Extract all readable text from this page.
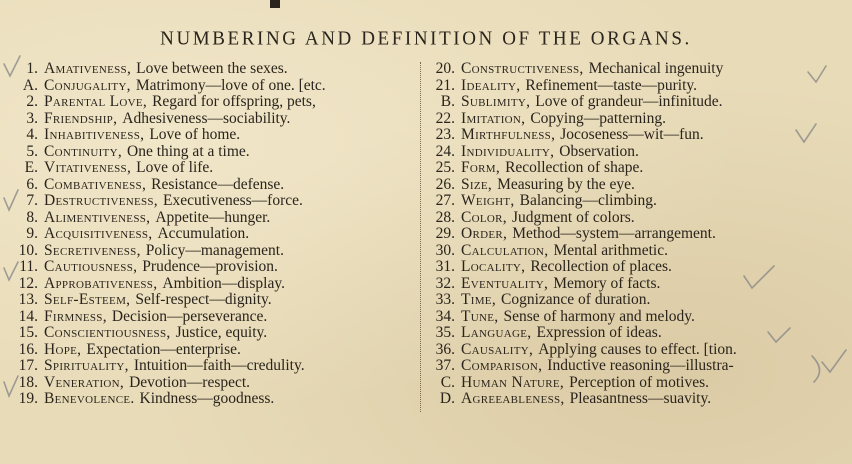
NUMBERING AND DEFINITION OF THE ORGANS.
1. Amativeness, Love between the sexes.
A. Conjugality, Matrimony—love of one. [etc.
2. Parental Love, Regard for offspring, pets,
3. Friendship, Adhesiveness—sociability.
4. Inhabitiveness, Love of home.
5. Continuity, One thing at a time.
E. Vitativeness, Love of life.
6. Combativeness, Resistance—defense.
7. Destructiveness, Executiveness—force.
8. Alimentiveness, Appetite—hunger.
9. Acquisitiveness, Accumulation.
10. Secretiveness, Policy—management.
11. Cautiousness, Prudence—provision.
12. Approbativeness, Ambition—display.
13. Self-Esteem, Self-respect—dignity.
14. Firmness, Decision—perseverance.
15. Conscientiousness, Justice, equity.
16. Hope, Expectation—enterprise.
17. Spirituality, Intuition—faith—credulity.
18. Veneration, Devotion—respect.
19. Benevolence. Kindness—goodness.
20. Constructiveness, Mechanical ingenuity
21. Ideality, Refinement—taste—purity.
B. Sublimity, Love of grandeur—infinitude.
22. Imitation, Copying—patterning.
23. Mirthfulness, Jocoseness—wit—fun.
24. Individuality, Observation.
25. Form, Recollection of shape.
26. Size, Measuring by the eye.
27. Weight, Balancing—climbing.
28. Color, Judgment of colors.
29. Order, Method—system—arrangement.
30. Calculation, Mental arithmetic.
31. Locality, Recollection of places.
32. Eventuality, Memory of facts.
33. Time, Cognizance of duration.
34. Tune, Sense of harmony and melody.
35. Language, Expression of ideas.
36. Causality, Applying causes to effect. [tion.
37. Comparison, Inductive reasoning—illustra-
C. Human Nature, Perception of motives.
D. Agreeableness, Pleasantness—suavity.
